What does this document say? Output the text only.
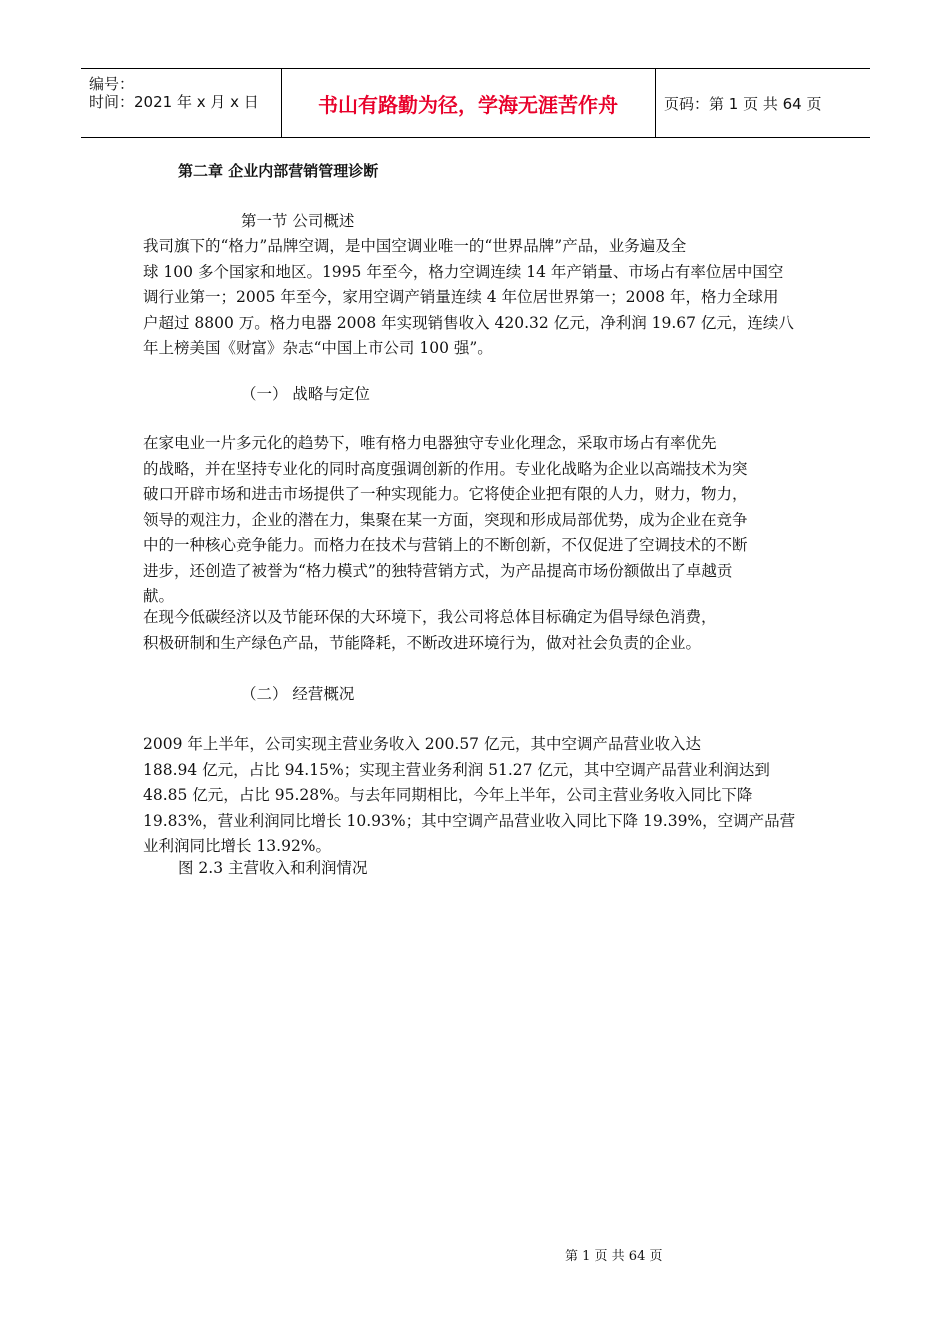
编号：
时间：2021 年 x 月 x 日	书山有路勤为径，学海无涯苦作舟	页码：第 1 页 共 64 页
第二章 企业内部营销管理诊断
第一节 公司概述
我司旗下的“格力”品牌空调，是中国空调业唯一的“世界品牌”产品，业务遍及全
球 100 多个国家和地区。1995 年至今，格力空调连续 14 年产销量、市场占有率位居中国空
调行业第一；2005 年至今，家用空调产销量连续 4 年位居世界第一；2008 年，格力全球用
户超过 8800 万。格力电器 2008 年实现销售收入 420.32 亿元，净利润 19.67 亿元，连续八
年上榜美国《财富》杂志“中国上市公司 100 强”。
（一） 战略与定位
在家电业一片多元化的趋势下，唯有格力电器独守专业化理念，采取市场占有率优先
的战略，并在坚持专业化的同时高度强调创新的作用。专业化战略为企业以高端技术为突
破口开辟市场和进击市场提供了一种实现能力。它将使企业把有限的人力，财力，物力，
领导的观注力，企业的潜在力，集聚在某一方面，突现和形成局部优势，成为企业在竞争
中的一种核心竞争能力。而格力在技术与营销上的不断创新，不仅促进了空调技术的不断
进步，还创造了被誉为“格力模式”的独特营销方式，为产品提高市场份额做出了卓越贡
献。
在现今低碳经济以及节能环保的大环境下，我公司将总体目标确定为倡导绿色消费，
积极研制和生产绿色产品，节能降耗，不断改进环境行为，做对社会负责的企业。
（二） 经营概况
2009 年上半年，公司实现主营业务收入 200.57 亿元，其中空调产品营业收入达
188.94 亿元，占比 94.15%；实现主营业务利润 51.27 亿元，其中空调产品营业利润达到
48.85 亿元，占比 95.28%。与去年同期相比，今年上半年，公司主营业务收入同比下降
19.83%，营业利润同比增长 10.93%；其中空调产品营业收入同比下降 19.39%，空调产品营
业利润同比增长 13.92%。
图 2.3 主营收入和利润情况
第 1 页 共 64 页
